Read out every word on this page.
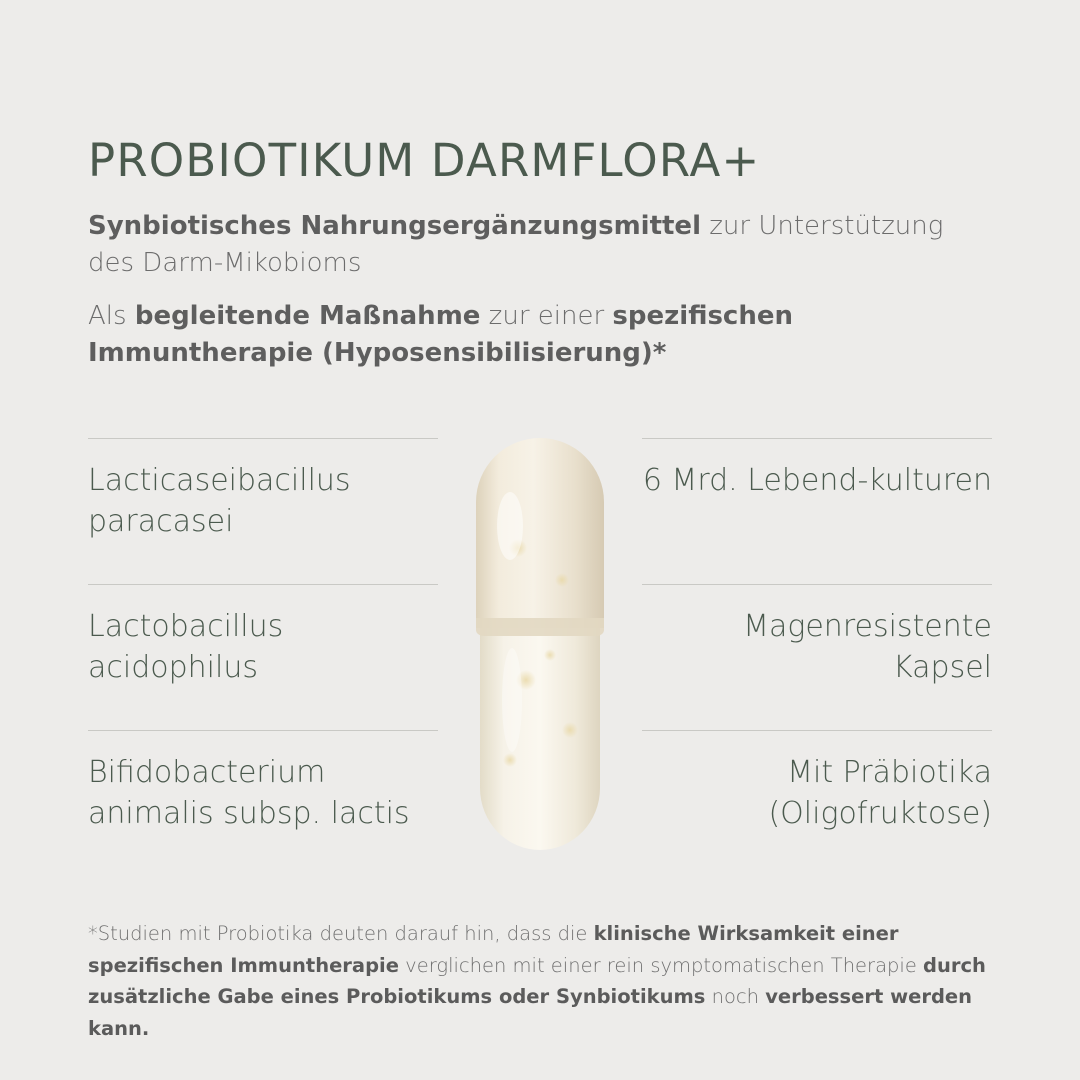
PROBIOTIKUM DARMFLORA+

Synbiotisches Nahrungsergänzungsmittel zur Unterstützung des Darm-Mikobioms

Als begleitende Maßnahme zur einer spezifischen Immuntherapie (Hyposensibilisierung)*

Lacticaseibacillus paracasei
6 Mrd. Lebend-kulturen
Lactobacillus acidophilus
Magenresistente Kapsel
Bifidobacterium animalis subsp. lactis
Mit Präbiotika (Oligofruktose)
*Studien mit Probiotika deuten darauf hin, dass die klinische Wirksamkeit einer spezifischen Immuntherapie verglichen mit einer rein symptomatischen Therapie durch zusätzliche Gabe eines Probiotikums oder Synbiotikums noch verbessert werden kann.
